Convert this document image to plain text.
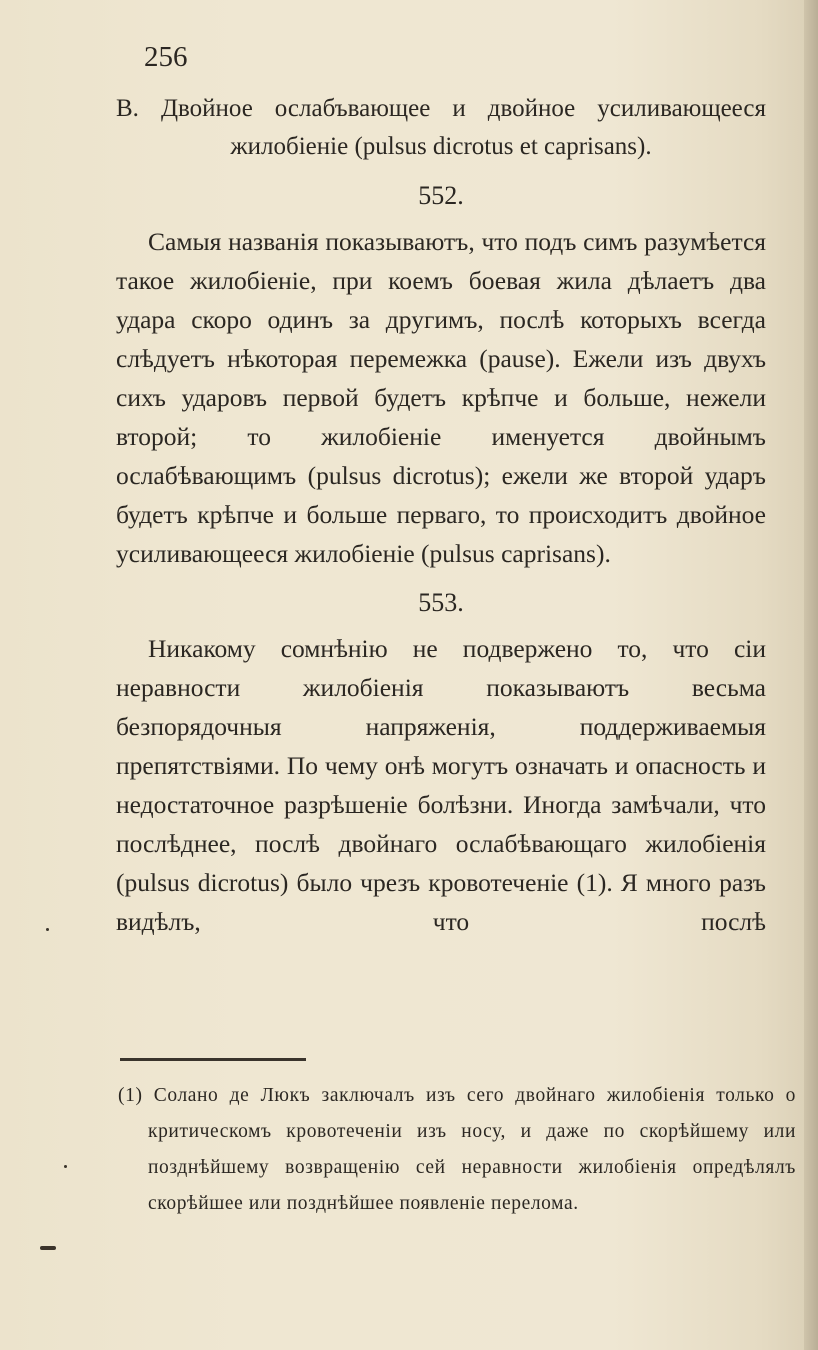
256

B. Двойное ослабъвающее и двойное усиливающееся жилобіеніе (pulsus dicrotus et caprisans).

552.

Самыя названія показываютъ, что подъ симъ разумѣется такое жилобіеніе, при коемъ боевая жила дѣлаетъ два удара скоро одинъ за другимъ, послѣ которыхъ всегда слѣдуетъ нѣкоторая перемежка (pause). Ежели изъ двухъ сихъ ударовъ первой будетъ крѣпче и больше, нежели второй; то жилобіеніе именуется двойнымъ ослабѣвающимъ (pulsus dicrotus); ежели же второй ударъ будетъ крѣпче и больше перваго, то происходитъ двойное усиливающееся жилобіеніе (pulsus caprisans).

553.

Никакому сомнѣнію не подвержено то, что сіи неравности жилобіенія показываютъ весьма безпорядочныя напряженія, поддерживаемыя препятствіями. По чему онѣ могутъ означать и опасность и недостаточное разрѣшеніе болѣзни. Иногда замѣчали, что послѣднее, послѣ двойнаго ослабѣвающаго жилобіенія (pulsus dicrotus) было чрезъ кровотеченіе (1). Я много разъ видѣлъ, что послѣ

(1) Солано де Люкъ заключалъ изъ сего двойнаго жилобіенія только о критическомъ кровотеченіи изъ носу, и даже по скорѣйшему или позднѣйшему возвращенію сей неравности жилобіенія опредѣлялъ скорѣйшее или позднѣйшее появленіе перелома.
